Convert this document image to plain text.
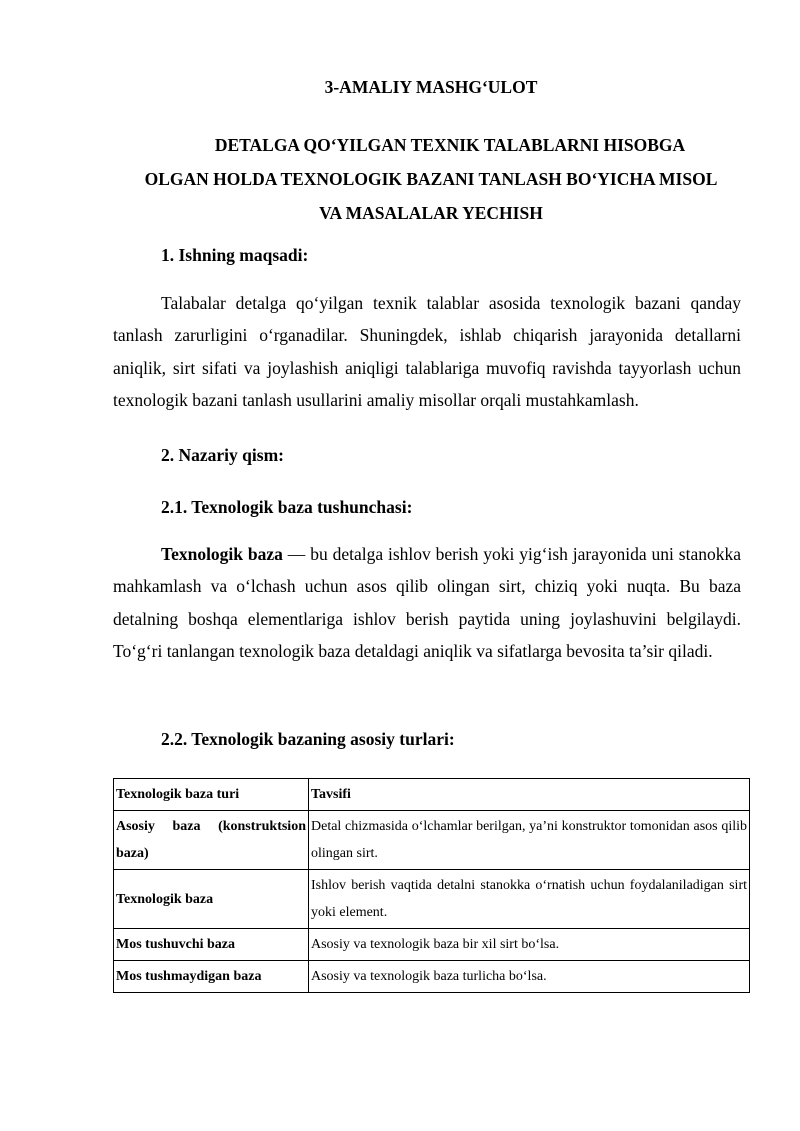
3-AMALIY MASHG‘ULOT
DETALGA QO‘YILGAN TEXNIK TALABLARNI HISOBGA
OLGAN HOLDA TEXNOLOGIK BAZANI TANLASH BO‘YICHA MISOL
VA MASALALAR YECHISH
1. Ishning maqsadi:

Talabalar detalga qo‘yilgan texnik talablar asosida texnologik bazani qanday tanlash zarurligini o‘rganadilar. Shuningdek, ishlab chiqarish jarayonida detallarni aniqlik, sirt sifati va joylashish aniqligi talablariga muvofiq ravishda tayyorlash uchun texnologik bazani tanlash usullarini amaliy misollar orqali mustahkamlash.

2. Nazariy qism:
2.1. Texnologik baza tushunchasi:

Texnologik baza — bu detalga ishlov berish yoki yig‘ish jarayonida uni stanokka mahkamlash va o‘lchash uchun asos qilib olingan sirt, chiziq yoki nuqta. Bu baza detalning boshqa elementlariga ishlov berish paytida uning joylashuvini belgilaydi. To‘g‘ri tanlangan texnologik baza detaldagi aniqlik va sifatlarga bevosita ta’sir qiladi.

2.2. Texnologik bazaning asosiy turlari:
Texnologik baza turi	Tavsifi
Asosiy baza (konstruktsion baza)	Detal chizmasida o‘lchamlar berilgan, ya’ni konstruktor tomonidan asos qilib olingan sirt.
Texnologik baza	Ishlov berish vaqtida detalni stanokka o‘rnatish uchun foydalaniladigan sirt yoki element.
Mos tushuvchi baza	Asosiy va texnologik baza bir xil sirt bo‘lsa.
Mos tushmaydigan baza	Asosiy va texnologik baza turlicha bo‘lsa.
